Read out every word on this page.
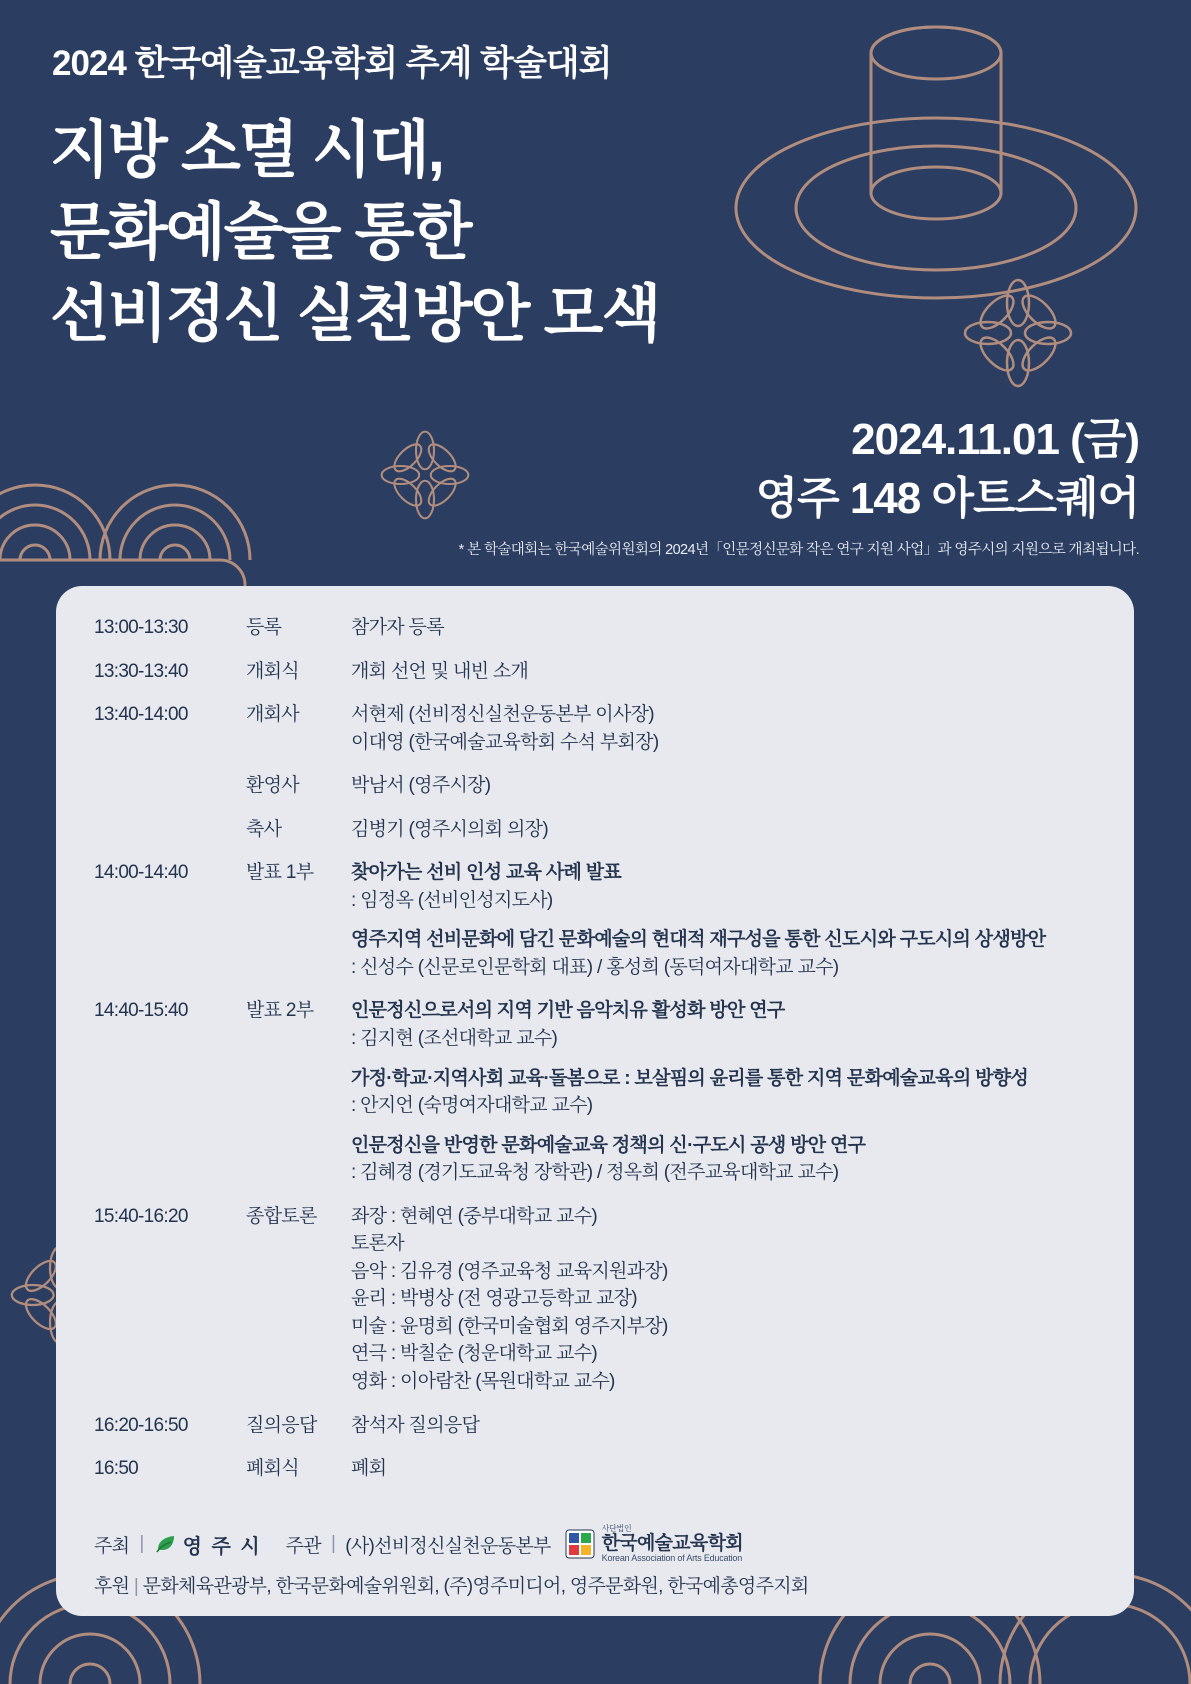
2024 한국예술교육학회 추계 학술대회
지방 소멸 시대,
문화예술을 통한
선비정신 실천방안 모색
2024.11.01 (금)
영주 148 아트스퀘어
* 본 학술대회는 한국예술위원회의 2024년「인문정신문화 작은 연구 지원 사업」과 영주시의 지원으로 개최됩니다.
13:00-13:30	등록	참가자 등록

13:30-13:40	개회식	개회 선언 및 내빈 소개

13:40-14:00	개회사	서현제 (선비정신실천운동본부 이사장)
이대영 (한국예술교육학회 수석 부회장)

	환영사	박남서 (영주시장)

	축사	김병기 (영주시의회 의장)

14:00-14:40	발표 1부	찾아가는 선비 인성 교육 사례 발표
: 임정옥 (선비인성지도사)
영주지역 선비문화에 담긴 문화예술의 현대적 재구성을 통한 신도시와 구도시의 상생방안
: 신성수 (신문로인문학회 대표) / 홍성희 (동덕여자대학교 교수)

14:40-15:40	발표 2부	인문정신으로서의 지역 기반 음악치유 활성화 방안 연구
: 김지현 (조선대학교 교수)
가정·학교·지역사회 교육·돌봄으로 : 보살핌의 윤리를 통한 지역 문화예술교육의 방향성
: 안지언 (숙명여자대학교 교수)
인문정신을 반영한 문화예술교육 정책의 신·구도시 공생 방안 연구
: 김혜경 (경기도교육청 장학관) / 정옥희 (전주교육대학교 교수)

15:40-16:20	종합토론	좌장 : 현혜연 (중부대학교 교수)
토론자
음악 : 김유경 (영주교육청 교육지원과장)
윤리 : 박병상 (전 영광고등학교 교장)
미술 : 윤명희 (한국미술협회 영주지부장)
연극 : 박칠순 (청운대학교 교수)
영화 : 이아람찬 (목원대학교 교수)

16:20-16:50	질의응답	참석자 질의응답

16:50	폐회식	폐회
주최 | 영 주 시 주관 | (사)선비정신실천운동본부
사단법인
한국예술교육학회
Korean Association of Arts Education
후원 | 문화체육관광부, 한국문화예술위원회, (주)영주미디어, 영주문화원, 한국예총영주지회
